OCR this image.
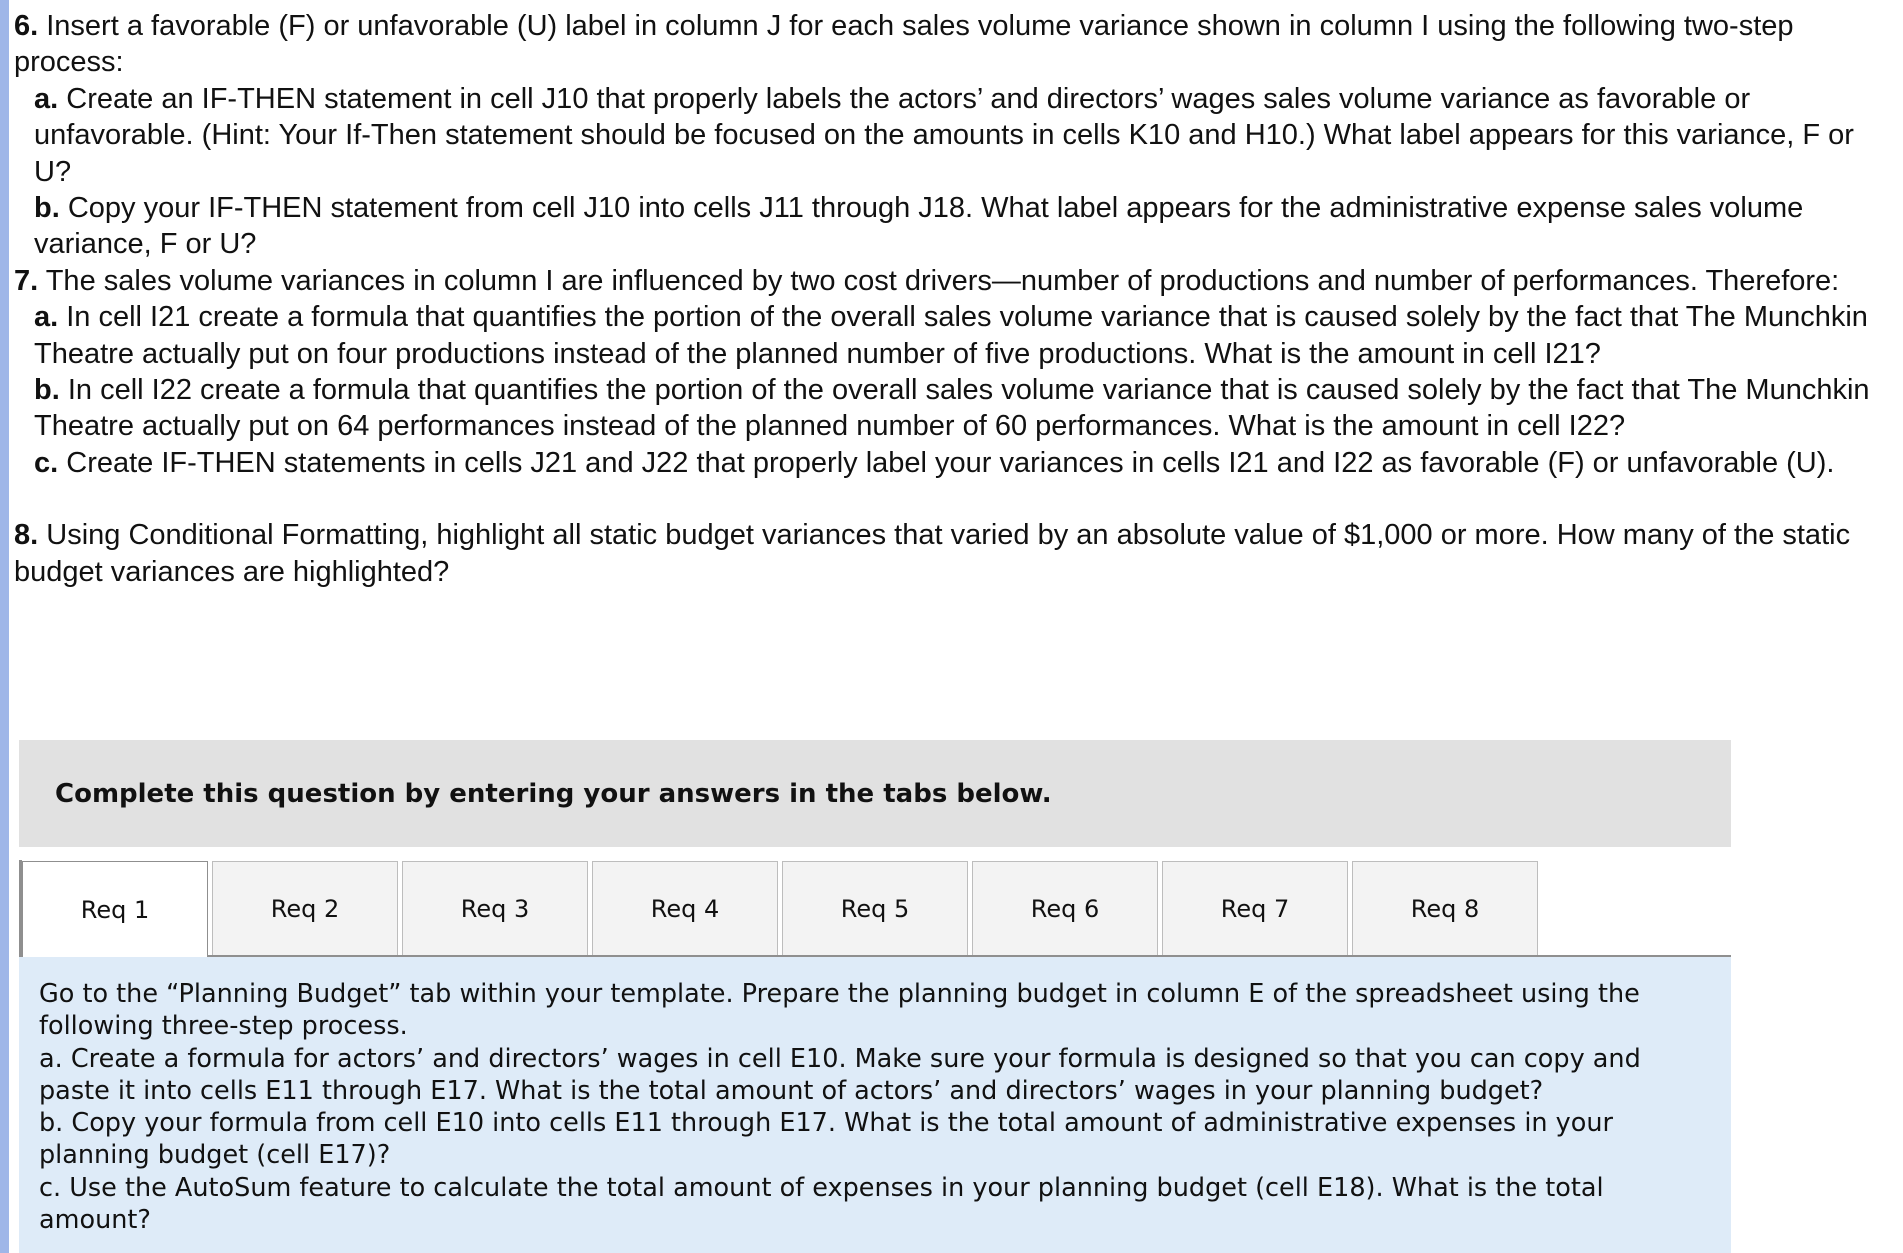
6. Insert a favorable (F) or unfavorable (U) label in column J for each sales volume variance shown in column I using the following two-step process:
a. Create an IF-THEN statement in cell J10 that properly labels the actors’ and directors’ wages sales volume variance as favorable or unfavorable. (Hint: Your If-Then statement should be focused on the amounts in cells K10 and H10.) What label appears for this variance, F or U?
b. Copy your IF-THEN statement from cell J10 into cells J11 through J18. What label appears for the administrative expense sales volume variance, F or U?
7. The sales volume variances in column I are influenced by two cost drivers—number of productions and number of performances. Therefore:
a. In cell I21 create a formula that quantifies the portion of the overall sales volume variance that is caused solely by the fact that The Munchkin Theatre actually put on four productions instead of the planned number of five productions. What is the amount in cell I21?
b. In cell I22 create a formula that quantifies the portion of the overall sales volume variance that is caused solely by the fact that The Munchkin Theatre actually put on 64 performances instead of the planned number of 60 performances. What is the amount in cell I22?
c. Create IF-THEN statements in cells J21 and J22 that properly label your variances in cells I21 and I22 as favorable (F) or unfavorable (U).
8. Using Conditional Formatting, highlight all static budget variances that varied by an absolute value of $1,000 or more. How many of the static budget variances are highlighted?
Complete this question by entering your answers in the tabs below.
Req 1	Req 2	Req 3	Req 4	Req 5	Req 6	Req 7	Req 8

Go to the “Planning Budget” tab within your template. Prepare the planning budget in column E of the spreadsheet using the following three-step process.

a. Create a formula for actors’ and directors’ wages in cell E10. Make sure your formula is designed so that you can copy and paste it into cells E11 through E17. What is the total amount of actors’ and directors’ wages in your planning budget?

b. Copy your formula from cell E10 into cells E11 through E17. What is the total amount of administrative expenses in your planning budget (cell E17)?

c. Use the AutoSum feature to calculate the total amount of expenses in your planning budget (cell E18). What is the total amount?
